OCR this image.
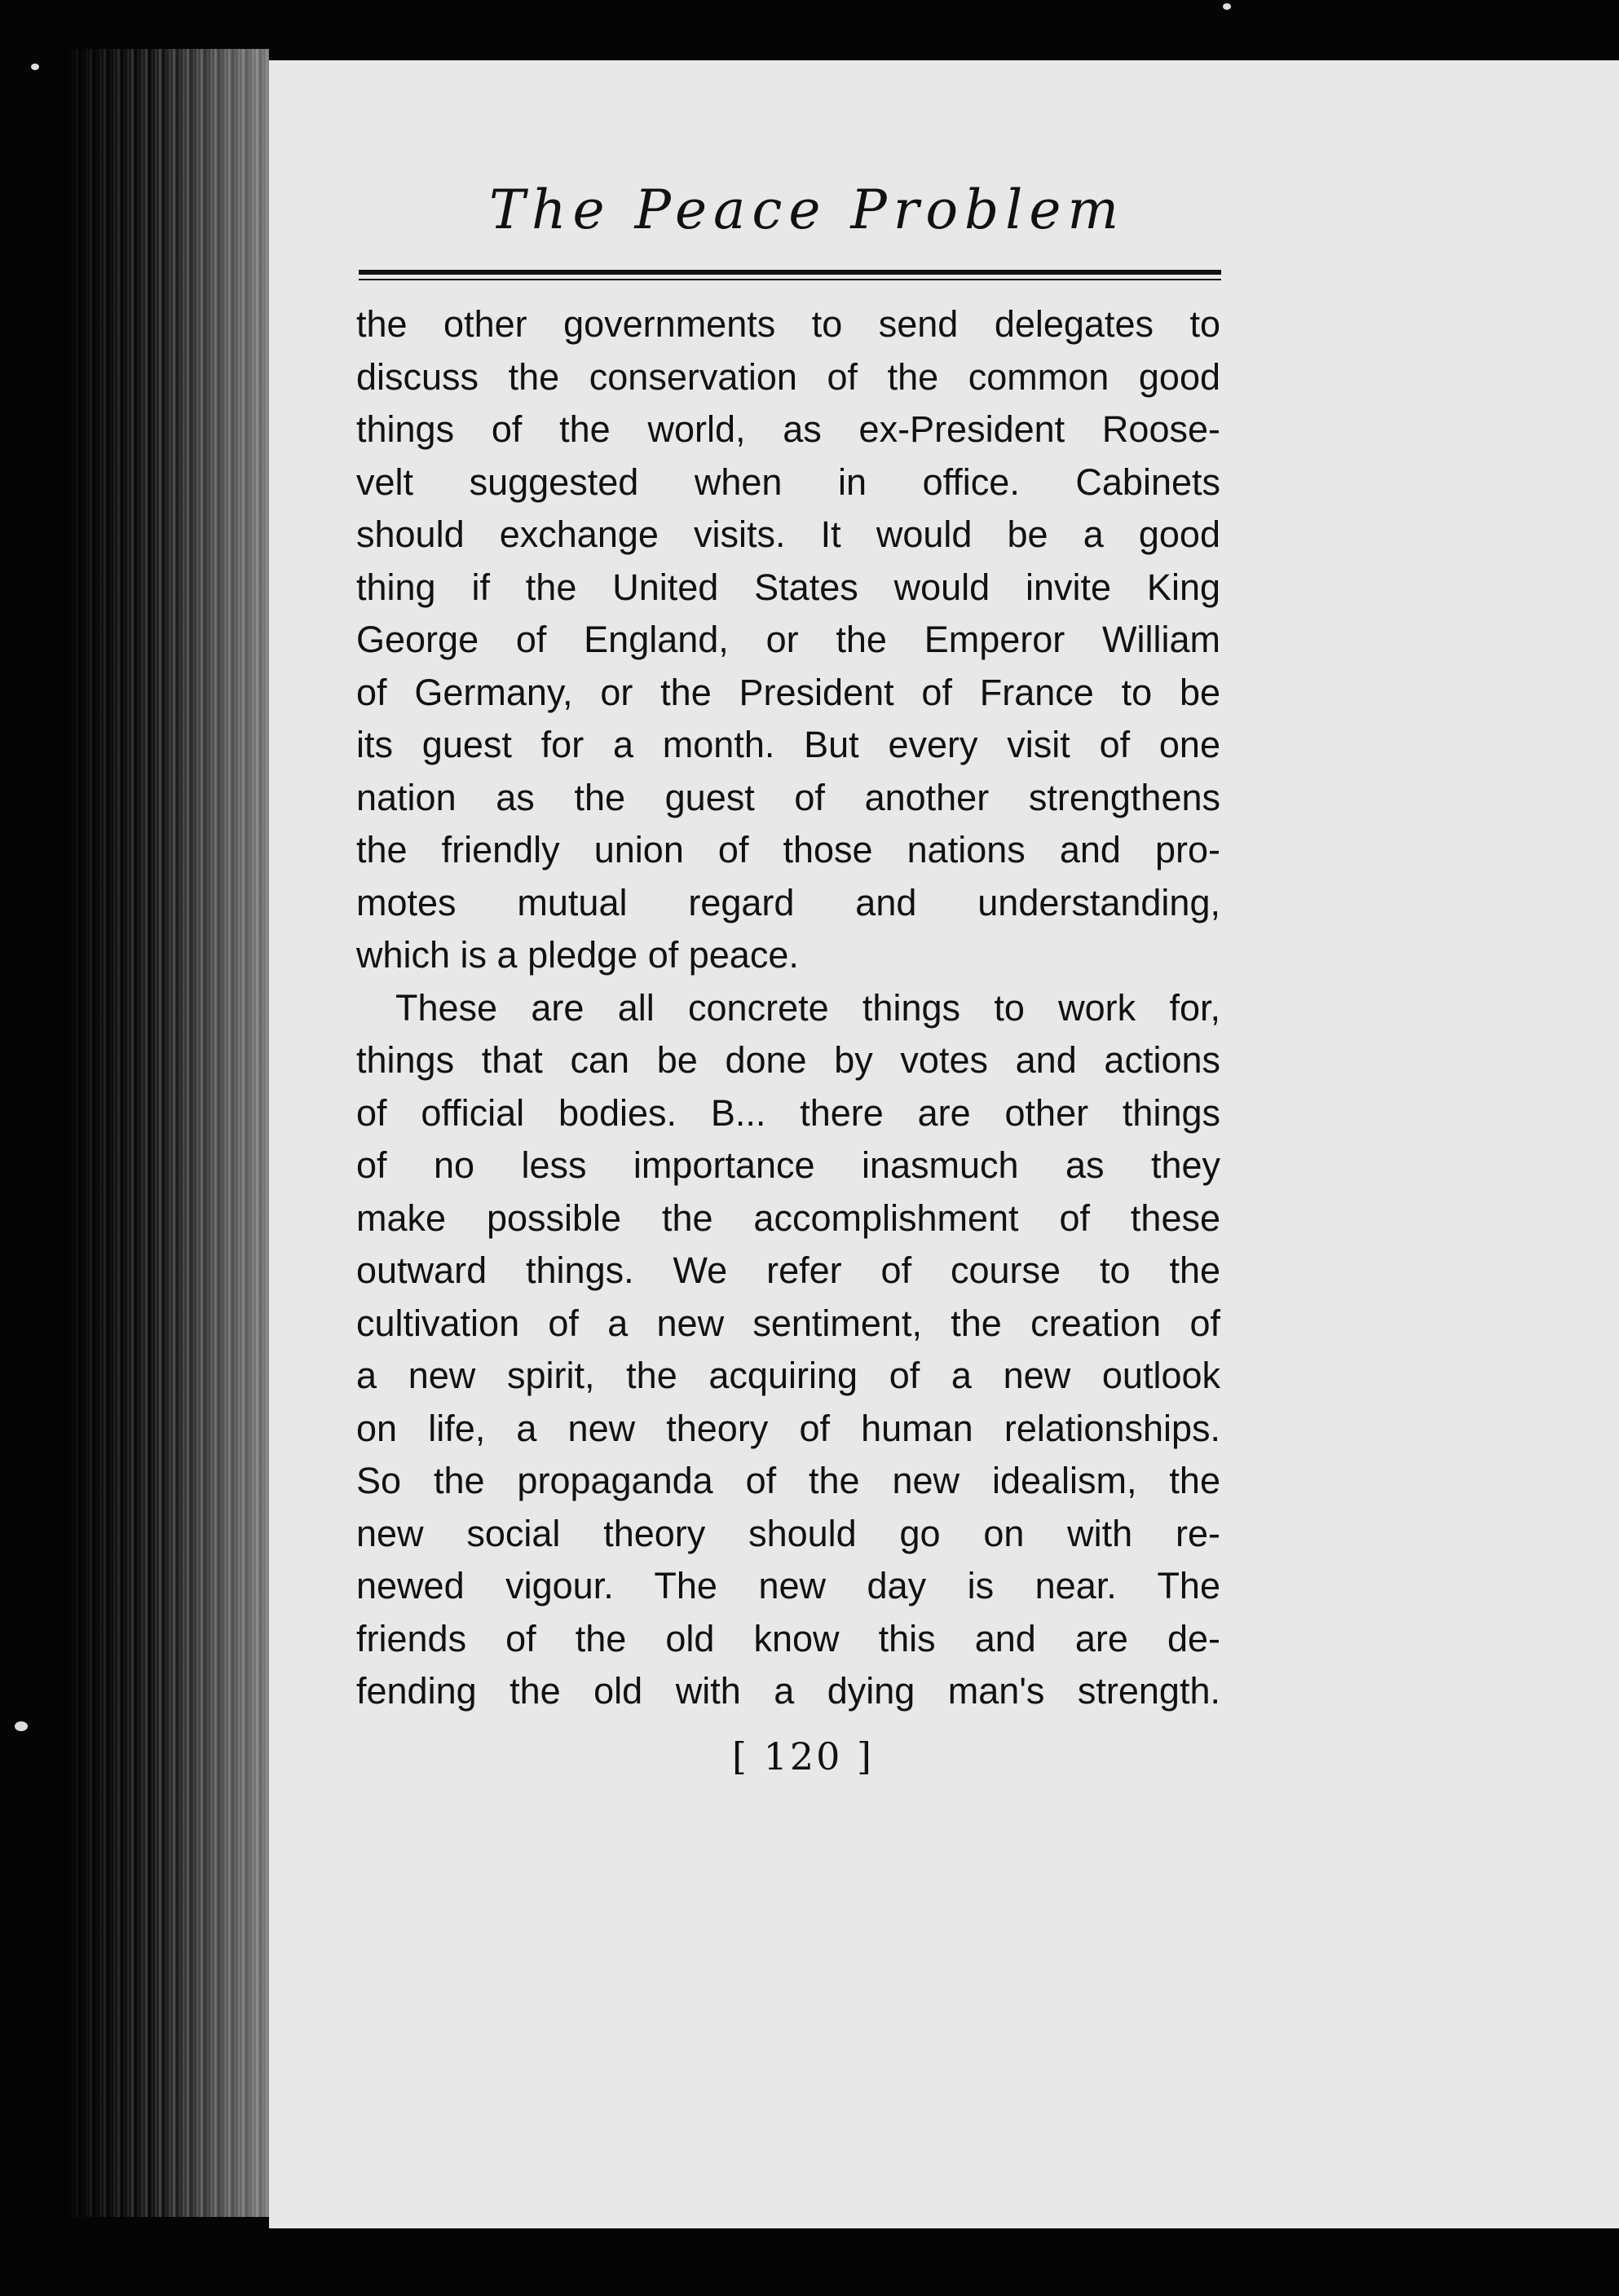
The Peace Problem
the other governments to send delegates to
discuss the conservation of the common good
things of the world, as ex-President Roose-
velt suggested when in office. Cabinets
should exchange visits. It would be a good
thing if the United States would invite King
George of England, or the Emperor William
of Germany, or the President of France to be
its guest for a month. But every visit of one
nation as the guest of another strengthens
the friendly union of those nations and pro-
motes mutual regard and understanding,
which is a pledge of peace.
These are all concrete things to work for,
things that can be done by votes and actions
of official bodies. B... there are other things
of no less importance inasmuch as they
make possible the accomplishment of these
outward things. We refer of course to the
cultivation of a new sentiment, the creation of
a new spirit, the acquiring of a new outlook
on life, a new theory of human relationships.
So the propaganda of the new idealism, the
new social theory should go on with re-
newed vigour. The new day is near. The
friends of the old know this and are de-
fending the old with a dying man's strength.
[ 120 ]
